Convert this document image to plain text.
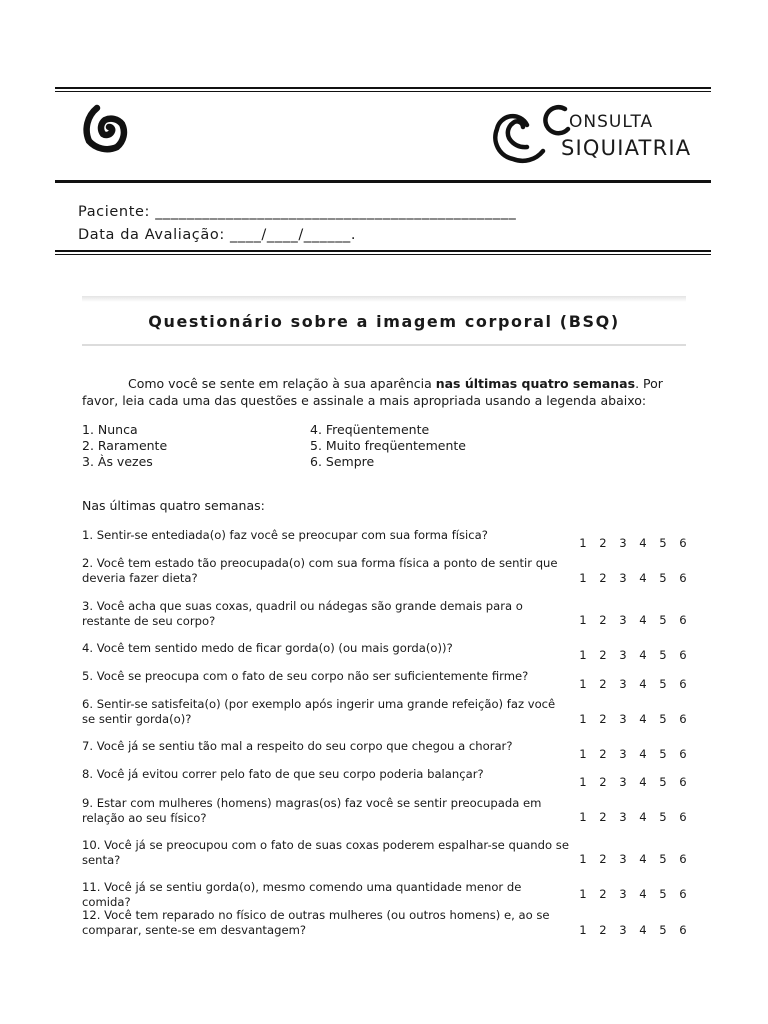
ONSULTA
SIQUIATRIA
Paciente: ______________________________________________
Data da Avaliação: ____/____/______.
Questionário sobre a imagem corporal (BSQ)
Como você se sente em relação à sua aparência nas últimas quatro semanas. Por favor, leia cada uma das questões e assinale a mais apropriada usando a legenda abaixo:
1. Nunca
2. Raramente
3. Às vezes
4. Freqüentemente
5. Muito freqüentemente
6. Sempre
Nas últimas quatro semanas:
1. Sentir-se entediada(o) faz você se preocupar com sua forma física?
1 2 3 4 5 6
2. Você tem estado tão preocupada(o) com sua forma física a ponto de sentir que deveria fazer dieta?	1 2 3 4 5 6
3. Você acha que suas coxas, quadril ou nádegas são grande demais para o restante de seu corpo?	1 2 3 4 5 6
4. Você tem sentido medo de ficar gorda(o) (ou mais gorda(o))?	1 2 3 4 5 6
5. Você se preocupa com o fato de seu corpo não ser suficientemente firme?
1 2 3 4 5 6
6. Sentir-se satisfeita(o) (por exemplo após ingerir uma grande refeição) faz você se sentir gorda(o)?	1 2 3 4 5 6
7. Você já se sentiu tão mal a respeito do seu corpo que chegou a chorar?
1 2 3 4 5 6
8. Você já evitou correr pelo fato de que seu corpo poderia balançar?
1 2 3 4 5 6
9. Estar com mulheres (homens) magras(os) faz você se sentir preocupada em relação ao seu físico?	1 2 3 4 5 6
10. Você já se preocupou com o fato de suas coxas poderem espalhar-se quando se senta?	1 2 3 4 5 6
11. Você já se sentiu gorda(o), mesmo comendo uma quantidade menor de comida?
1 2 3 4 5 6
12. Você tem reparado no físico de outras mulheres (ou outros homens) e, ao se comparar, sente-se em desvantagem?	1 2 3 4 5 6
